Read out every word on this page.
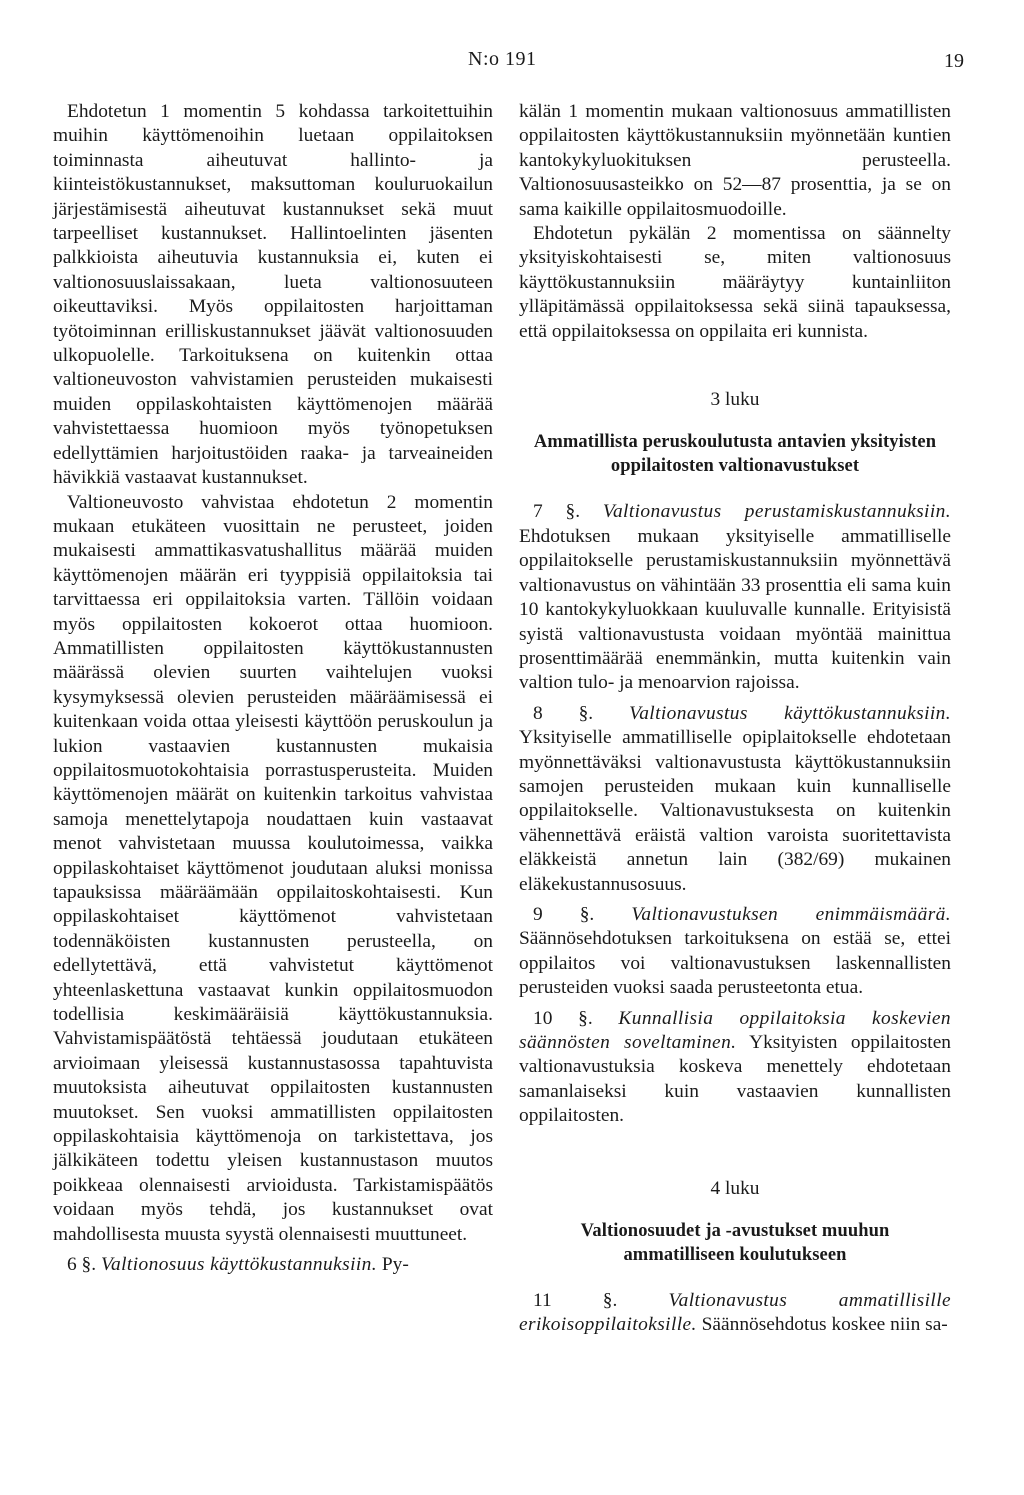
N:o 191	19

Ehdotetun 1 momentin 5 kohdassa tarkoitettuihin muihin käyttömenoihin luetaan oppilaitoksen toiminnasta aiheutuvat hallinto- ja kiinteistökustannukset, maksuttoman kouluruokailun järjestämisestä aiheutuvat kustannukset sekä muut tarpeelliset kustannukset. Hallintoelinten jäsenten palkkioista aiheutuvia kustannuksia ei, kuten ei valtionosuuslaissakaan, lueta valtionosuuteen oikeuttaviksi. Myös oppilaitosten harjoittaman työtoiminnan erilliskustannukset jäävät valtionosuuden ulkopuolelle. Tarkoituksena on kuitenkin ottaa valtioneuvoston vahvistamien perusteiden mukaisesti muiden oppilaskohtaisten käyttömenojen määrää vahvistettaessa huomioon myös työnopetuksen edellyttämien harjoitustöiden raaka- ja tarveaineiden hävikkiä vastaavat kustannukset.

Valtioneuvosto vahvistaa ehdotetun 2 momentin mukaan etukäteen vuosittain ne perusteet, joiden mukaisesti ammattikasvatushallitus määrää muiden käyttömenojen määrän eri tyyppisiä oppilaitoksia tai tarvittaessa eri oppilaitoksia varten. Tällöin voidaan myös oppilaitosten kokoerot ottaa huomioon. Ammatillisten oppilaitosten käyttökustannusten määrässä olevien suurten vaihtelujen vuoksi kysymyksessä olevien perusteiden määräämisessä ei kuitenkaan voida ottaa yleisesti käyttöön peruskoulun ja lukion vastaavien kustannusten mukaisia oppilaitosmuotokohtaisia porrastusperusteita. Muiden käyttömenojen määrät on kuitenkin tarkoitus vahvistaa samoja menettelytapoja noudattaen kuin vastaavat menot vahvistetaan muussa koulutoimessa, vaikka oppilaskohtaiset käyttömenot joudutaan aluksi monissa tapauksissa määräämään oppilaitoskohtaisesti. Kun oppilaskohtaiset käyttömenot vahvistetaan todennäköisten kustannusten perusteella, on edellytettävä, että vahvistetut käyttömenot yhteenlaskettuna vastaavat kunkin oppilaitosmuodon todellisia keskimääräisiä käyttökustannuksia. Vahvistamispäätöstä tehtäessä joudutaan etukäteen arvioimaan yleisessä kustannustasossa tapahtuvista muutoksista aiheutuvat oppilaitosten kustannusten muutokset. Sen vuoksi ammatillisten oppilaitosten oppilaskohtaisia käyttömenoja on tarkistettava, jos jälkikäteen todettu yleisen kustannustason muutos poikkeaa olennaisesti arvioidusta. Tarkistamispäätös voidaan myös tehdä, jos kustannukset ovat mahdollisesta muusta syystä olennaisesti muuttuneet.

6 §. Valtionosuus käyttökustannuksiin. Py-

kälän 1 momentin mukaan valtionosuus ammatillisten oppilaitosten käyttökustannuksiin myönnetään kuntien kantokykyluokituksen perusteella. Valtionosuusasteikko on 52—87 prosenttia, ja se on sama kaikille oppilaitosmuodoille.

Ehdotetun pykälän 2 momentissa on säännelty yksityiskohtaisesti se, miten valtionosuus käyttökustannuksiin määräytyy kuntainliiton ylläpitämässä oppilaitoksessa sekä siinä tapauksessa, että oppilaitoksessa on oppilaita eri kunnista.

3 luku
Ammatillista peruskoulutusta antavien yksityisten oppilaitosten valtionavustukset

7 §. Valtionavustus perustamiskustannuksiin. Ehdotuksen mukaan yksityiselle ammatilliselle oppilaitokselle perustamiskustannuksiin myönnettävä valtionavustus on vähintään 33 prosenttia eli sama kuin 10 kantokykyluokkaan kuuluvalle kunnalle. Erityisistä syistä valtionavustusta voidaan myöntää mainittua prosenttimäärää enemmänkin, mutta kuitenkin vain valtion tulo- ja menoarvion rajoissa.

8 §. Valtionavustus käyttökustannuksiin. Yksityiselle ammatilliselle opiplaitokselle ehdotetaan myönnettäväksi valtionavustusta käyttökustannuksiin samojen perusteiden mukaan kuin kunnalliselle oppilaitokselle. Valtionavustuksesta on kuitenkin vähennettävä eräistä valtion varoista suoritettavista eläkkeistä annetun lain (382/69) mukainen eläkekustannusosuus.

9 §. Valtionavustuksen enimmäismäärä. Säännösehdotuksen tarkoituksena on estää se, ettei oppilaitos voi valtionavustuksen laskennallisten perusteiden vuoksi saada perusteetonta etua.

10 §. Kunnallisia oppilaitoksia koskevien säännösten soveltaminen. Yksityisten oppilaitosten valtionavustuksia koskeva menettely ehdotetaan samanlaiseksi kuin vastaavien kunnallisten oppilaitosten.

4 luku
Valtionosuudet ja -avustukset muuhun ammatilliseen koulutukseen

11 §.	Valtionavustus ammatillisille erikoisoppilaitoksille. Säännösehdotus koskee niin sa-
